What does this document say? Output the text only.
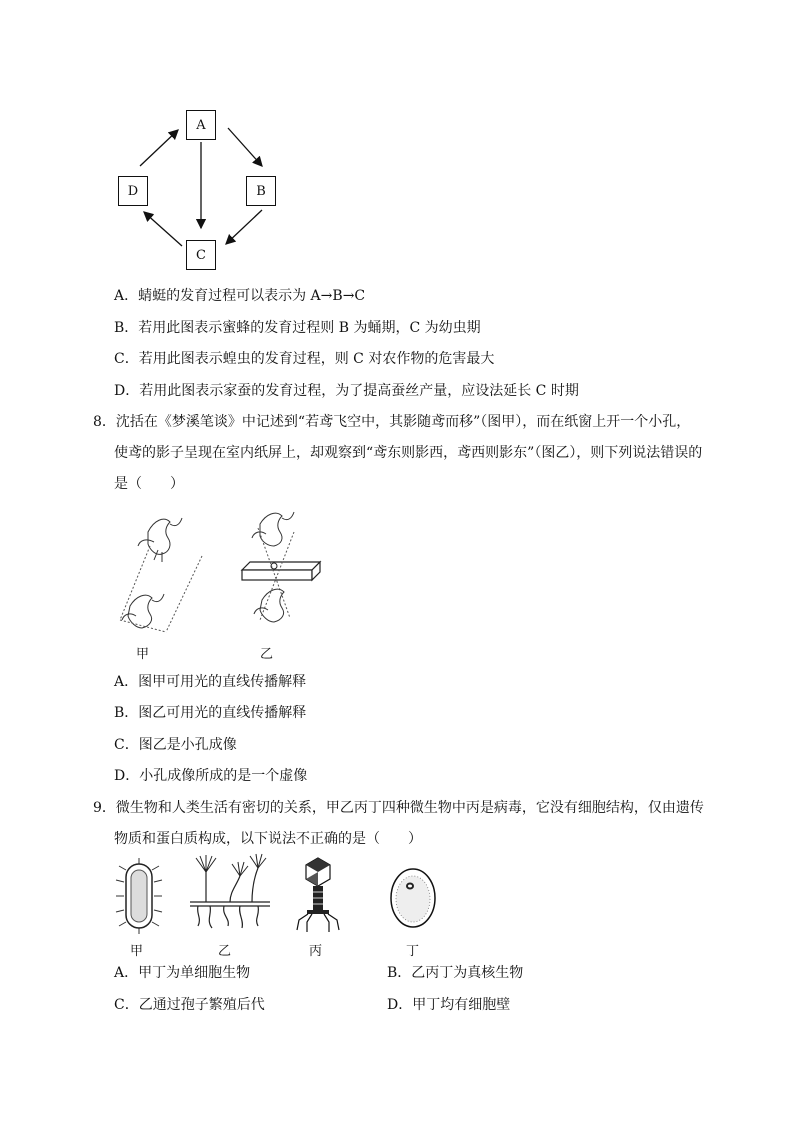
A
B
C
D
A．蜻蜓的发育过程可以表示为 A→B→C
B．若用此图表示蜜蜂的发育过程则 B 为蛹期，C 为幼虫期
C．若用此图表示蝗虫的发育过程，则 C 对农作物的危害最大
D．若用此图表示家蚕的发育过程，为了提高蚕丝产量，应设法延长 C 时期
8．沈括在《梦溪笔谈》中记述到“若鸢飞空中，其影随鸢而移”（图甲），而在纸窗上开一个小孔，
使鸢的影子呈现在室内纸屏上，却观察到“鸢东则影西，鸢西则影东”（图乙），则下列说法错误的
是（　　）
甲	乙
A．图甲可用光的直线传播解释
B．图乙可用光的直线传播解释
C．图乙是小孔成像
D．小孔成像所成的是一个虚像
9．微生物和人类生活有密切的关系，甲乙丙丁四种微生物中丙是病毒，它没有细胞结构，仅由遗传
物质和蛋白质构成，以下说法不正确的是（　　）
甲	乙	丙	丁
A．甲丁为单细胞生物	B．乙丙丁为真核生物
C．乙通过孢子繁殖后代	D．甲丁均有细胞壁
